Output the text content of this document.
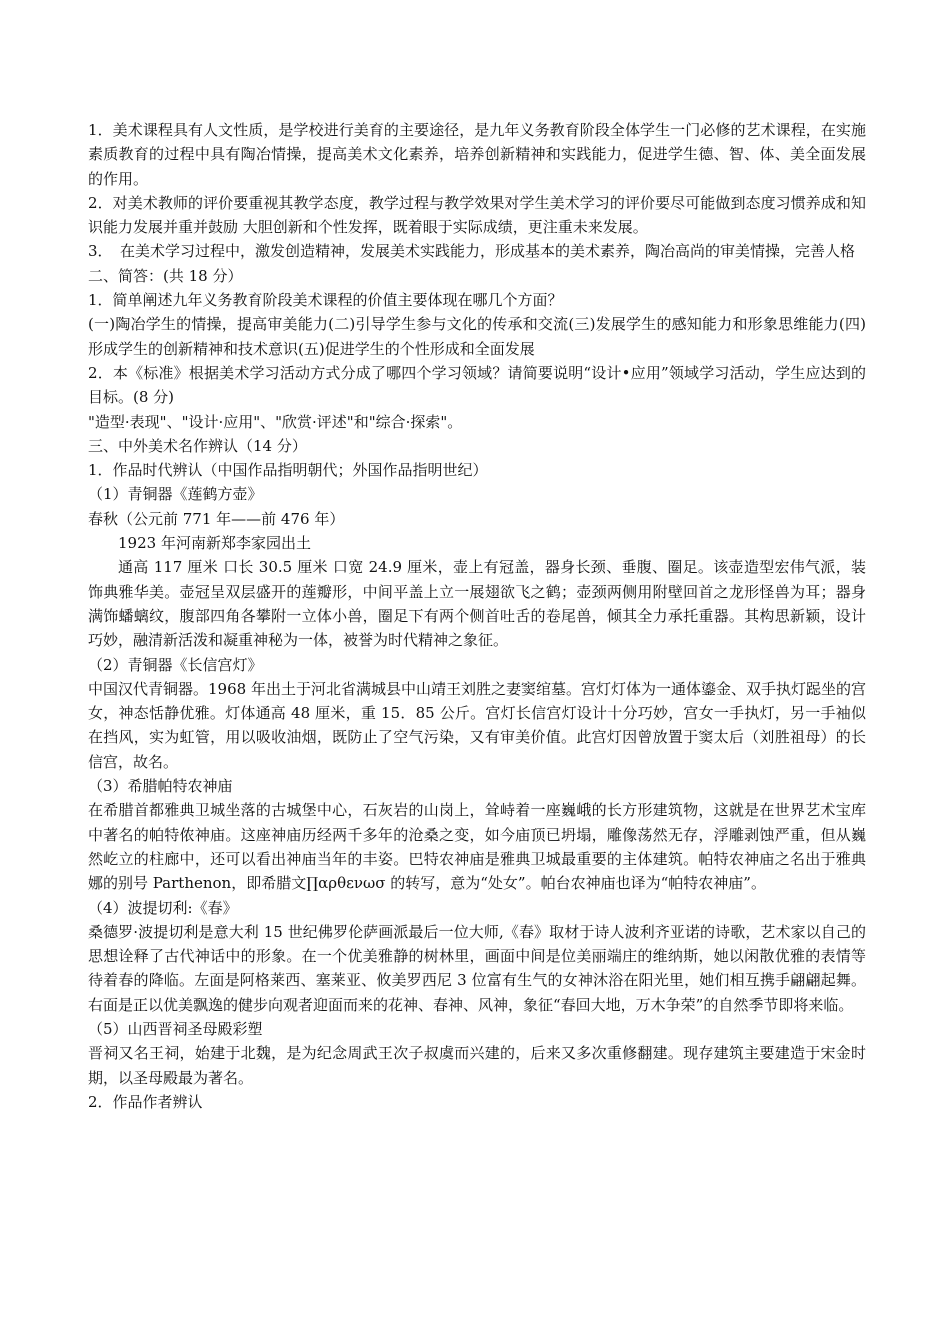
1．美术课程具有人文性质，是学校进行美育的主要途径，是九年义务教育阶段全体学生一门必修的艺术课程，在实施素质教育的过程中具有陶冶情操，提高美术文化素养，培养创新精神和实践能力，促进学生德、智、体、美全面发展的作用。

2．对美术教师的评价要重视其教学态度，教学过程与教学效果对学生美术学习的评价要尽可能做到态度习惯养成和知识能力发展并重并鼓励 大胆创新和个性发挥，既着眼于实际成绩，更注重未来发展。

3．　在美术学习过程中，激发创造精神，发展美术实践能力，形成基本的美术素养，陶冶高尚的审美情操，完善人格

二、简答：(共 18 分）

1．简单阐述九年义务教育阶段美术课程的价值主要体现在哪几个方面？

(一)陶冶学生的情操，提高审美能力(二)引导学生参与文化的传承和交流(三)发展学生的感知能力和形象思维能力(四)形成学生的创新精神和技术意识(五)促进学生的个性形成和全面发展

2．本《标准》根据美术学习活动方式分成了哪四个学习领域？请简要说明“设计•应用”领域学习活动，学生应达到的目标。(8 分)

"造型·表现"、"设计·应用"、"欣赏·评述"和"综合·探索"。

三、中外美术名作辨认（14 分）

1．作品时代辨认（中国作品指明朝代；外国作品指明世纪）

（1）青铜器《莲鹤方壶》

春秋（公元前 771 年——前 476 年）

1923 年河南新郑李家园出土

通高 117 厘米 口长 30.5 厘米 口宽 24.9 厘米，壶上有冠盖，器身长颈、垂腹、圈足。该壶造型宏伟气派，装饰典雅华美。壶冠呈双层盛开的莲瓣形，中间平盖上立一展翅欲飞之鹤；壶颈两侧用附壁回首之龙形怪兽为耳；器身满饰蟠螭纹，腹部四角各攀附一立体小兽，圈足下有两个侧首吐舌的卷尾兽，倾其全力承托重器。其构思新颖，设计巧妙，融清新活泼和凝重神秘为一体，被誉为时代精神之象征。

（2）青铜器《长信宫灯》

中国汉代青铜器。1968 年出土于河北省满城县中山靖王刘胜之妻窦绾墓。宫灯灯体为一通体鎏金、双手执灯跽坐的宫女，神态恬静优雅。灯体通高 48 厘米，重 15．85 公斤。宫灯长信宫灯设计十分巧妙，宫女一手执灯，另一手袖似在挡风，实为虹管，用以吸收油烟，既防止了空气污染，又有审美价值。此宫灯因曾放置于窦太后（刘胜祖母）的长信宫，故名。

（3）希腊帕特农神庙

在希腊首都雅典卫城坐落的古城堡中心，石灰岩的山岗上，耸峙着一座巍峨的长方形建筑物，这就是在世界艺术宝库中著名的帕特侬神庙。这座神庙历经两千多年的沧桑之变，如今庙顶已坍塌，雕像荡然无存，浮雕剥蚀严重，但从巍然屹立的柱廊中，还可以看出神庙当年的丰姿。巴特农神庙是雅典卫城最重要的主体建筑。帕特农神庙之名出于雅典娜的别号 Parthenon，即希腊文∏αρθενωσ 的转写，意为“处女”。帕台农神庙也译为“帕特农神庙”。

（4）波提切利:《春》

桑德罗·波提切利是意大利 15 世纪佛罗伦萨画派最后一位大师,《春》取材于诗人波利齐亚诺的诗歌，艺术家以自己的思想诠释了古代神话中的形象。在一个优美雅静的树林里，画面中间是位美丽端庄的维纳斯，她以闲散优雅的表情等待着春的降临。左面是阿格莱西、塞莱亚、攸美罗西尼 3 位富有生气的女神沐浴在阳光里，她们相互携手翩翩起舞。右面是正以优美飘逸的健步向观者迎面而来的花神、春神、风神，象征“春回大地，万木争荣”的自然季节即将来临。

（5）山西晋祠圣母殿彩塑

晋祠又名王祠，始建于北魏，是为纪念周武王次子叔虞而兴建的，后来又多次重修翻建。现存建筑主要建造于宋金时期，以圣母殿最为著名。

2．作品作者辨认
